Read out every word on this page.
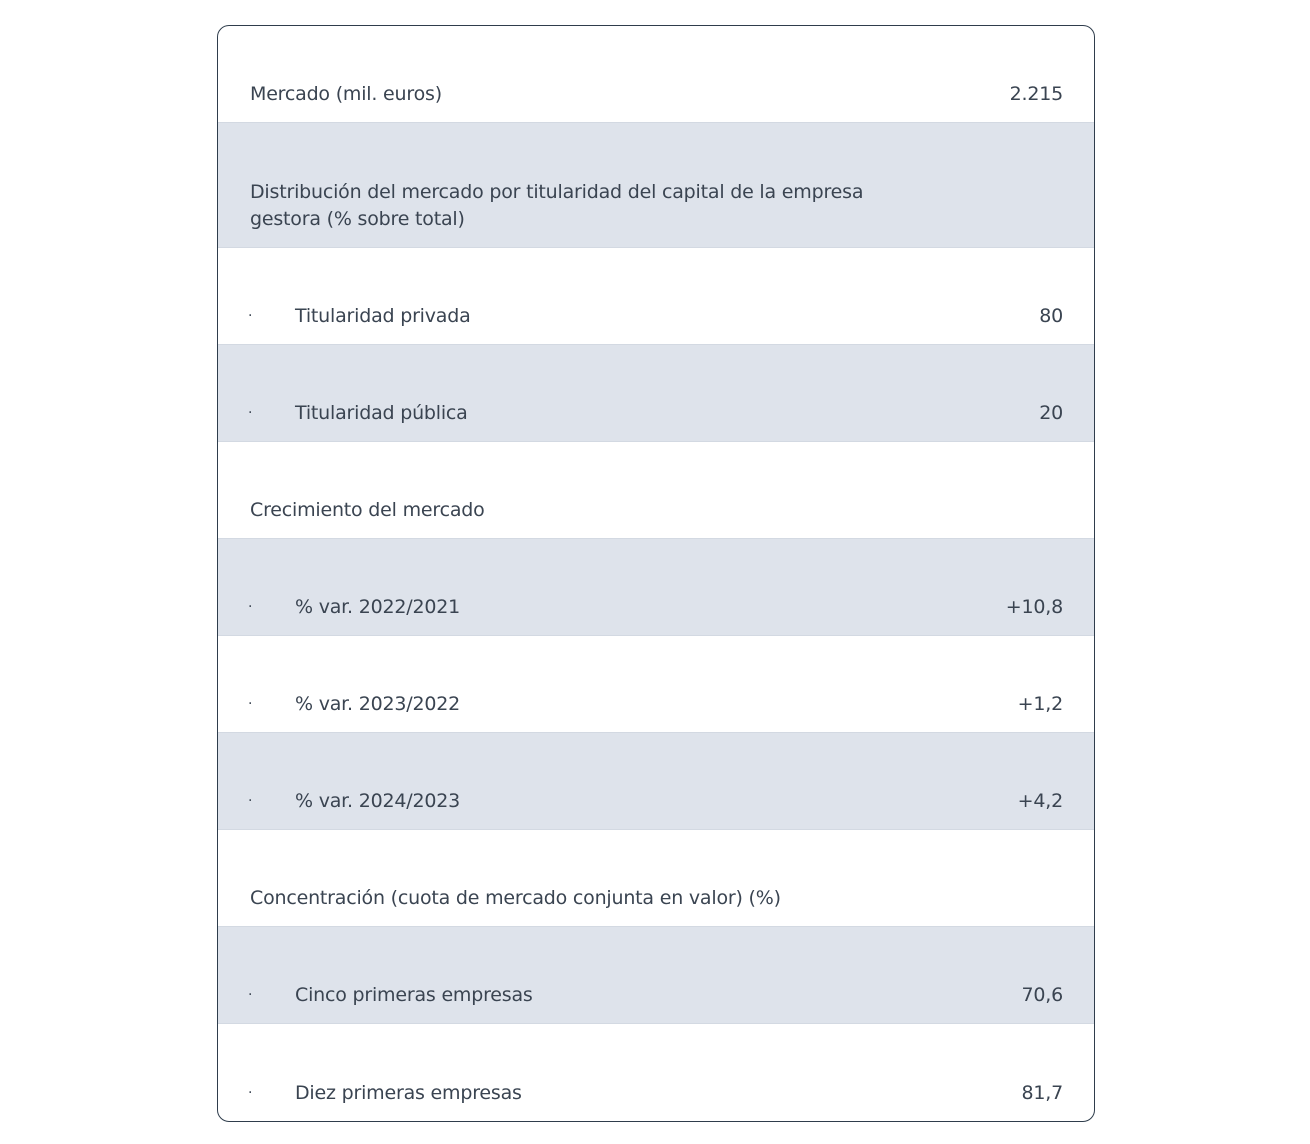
Mercado (mil. euros)	2.215
Distribución del mercado por titularidad del capital de la empresa gestora (% sobre total)
· Titularidad privada	80
· Titularidad pública	20
Crecimiento del mercado
· % var. 2022/2021	+10,8
· % var. 2023/2022	+1,2
· % var. 2024/2023	+4,2
Concentración (cuota de mercado conjunta en valor) (%)
· Cinco primeras empresas	70,6
· Diez primeras empresas	81,7
